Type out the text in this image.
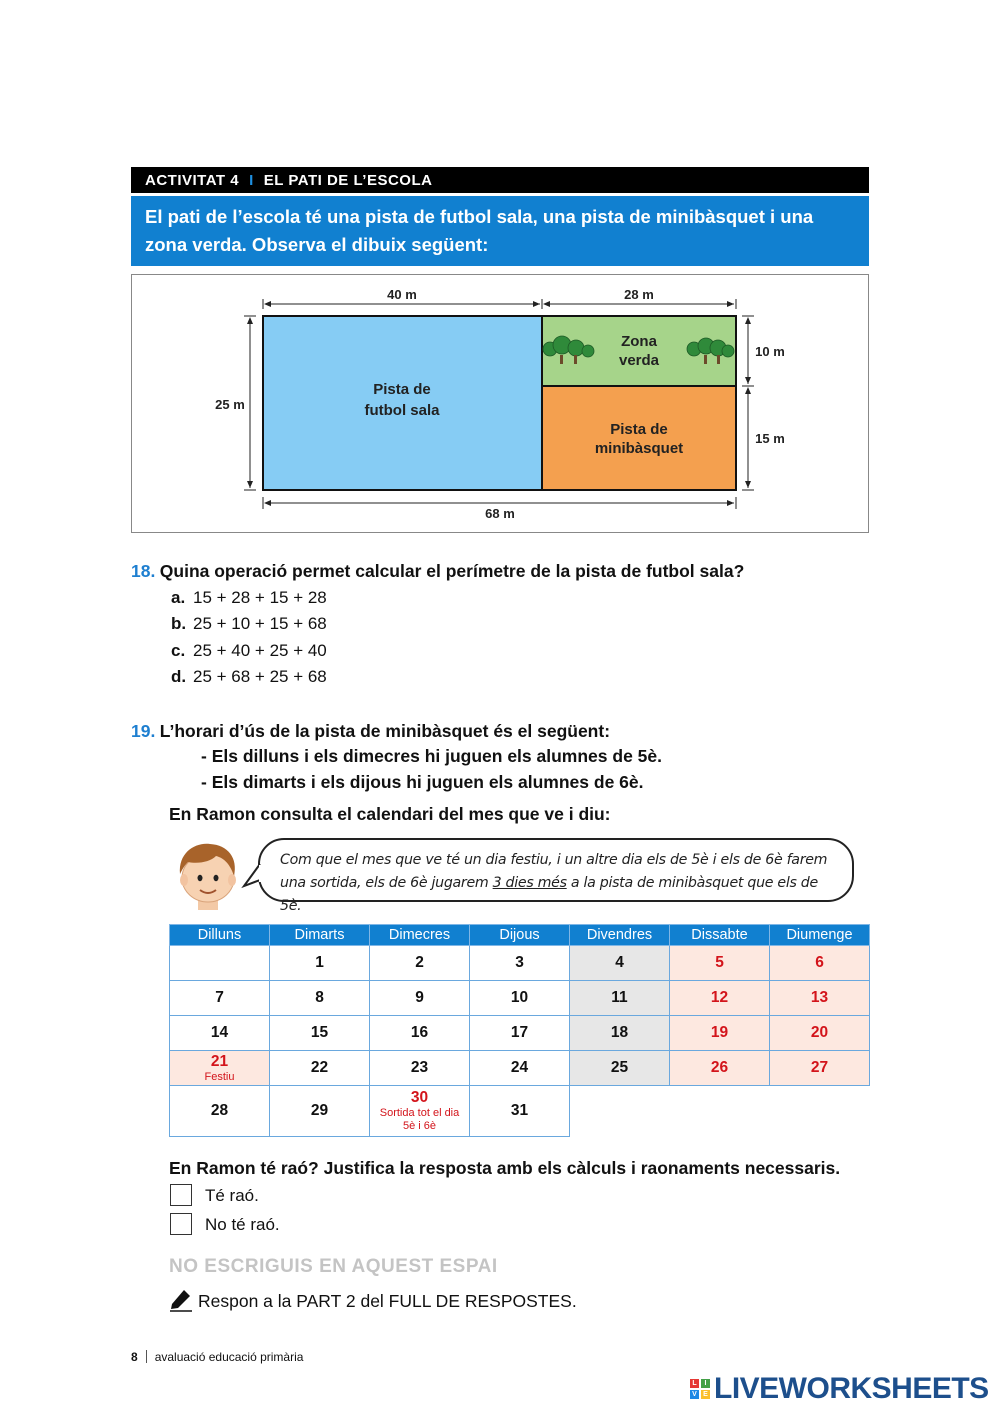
ACTIVITAT 4 I EL PATI DE L’ESCOLA
El pati de l’escola té una pista de futbol sala, una pista de minibàsquet i una
zona verda. Observa el dibuix següent:
Pista de
futbol sala
Zona
verda
Pista de
minibàsquet
40 m	28 m
25 m
10 m
15 m
68 m
18. Quina operació permet calcular el perímetre de la pista de futbol sala?
a. 15 + 28 + 15 + 28
b. 25 + 10 + 15 + 68
c. 25 + 40 + 25 + 40
d. 25 + 68 + 25 + 68
19. L’horari d’ús de la pista de minibàsquet és el següent:
- Els dilluns i els dimecres hi juguen els alumnes de 5è.
- Els dimarts i els dijous hi juguen els alumnes de 6è.
En Ramon consulta el calendari del mes que ve i diu:
Com que el mes que ve té un dia festiu, i un altre dia els de 5è i els de 6è farem
una sortida, els de 6è jugarem 3 dies més a la pista de minibàsquet que els de 5è.
Dilluns	Dimarts	Dimecres	Dijous	Divendres	Dissabte	Diumenge
	1	2	3	4	5	6
7	8	9	10	11	12	13
14	15	16	17	18	19	20
21
Festiu	22	23	24	25	26	27
28	29	30
Sortida tot el dia
5è i 6è	31			
En Ramon té raó? Justifica la resposta amb els càlculs i raonaments necessaris.
Té raó.
No té raó.
NO ESCRIGUIS EN AQUEST ESPAI
Respon a la PART 2 del FULL DE RESPOSTES.
8 avaluació educació primària
L	I
V E LIVEWORKSHEETS
